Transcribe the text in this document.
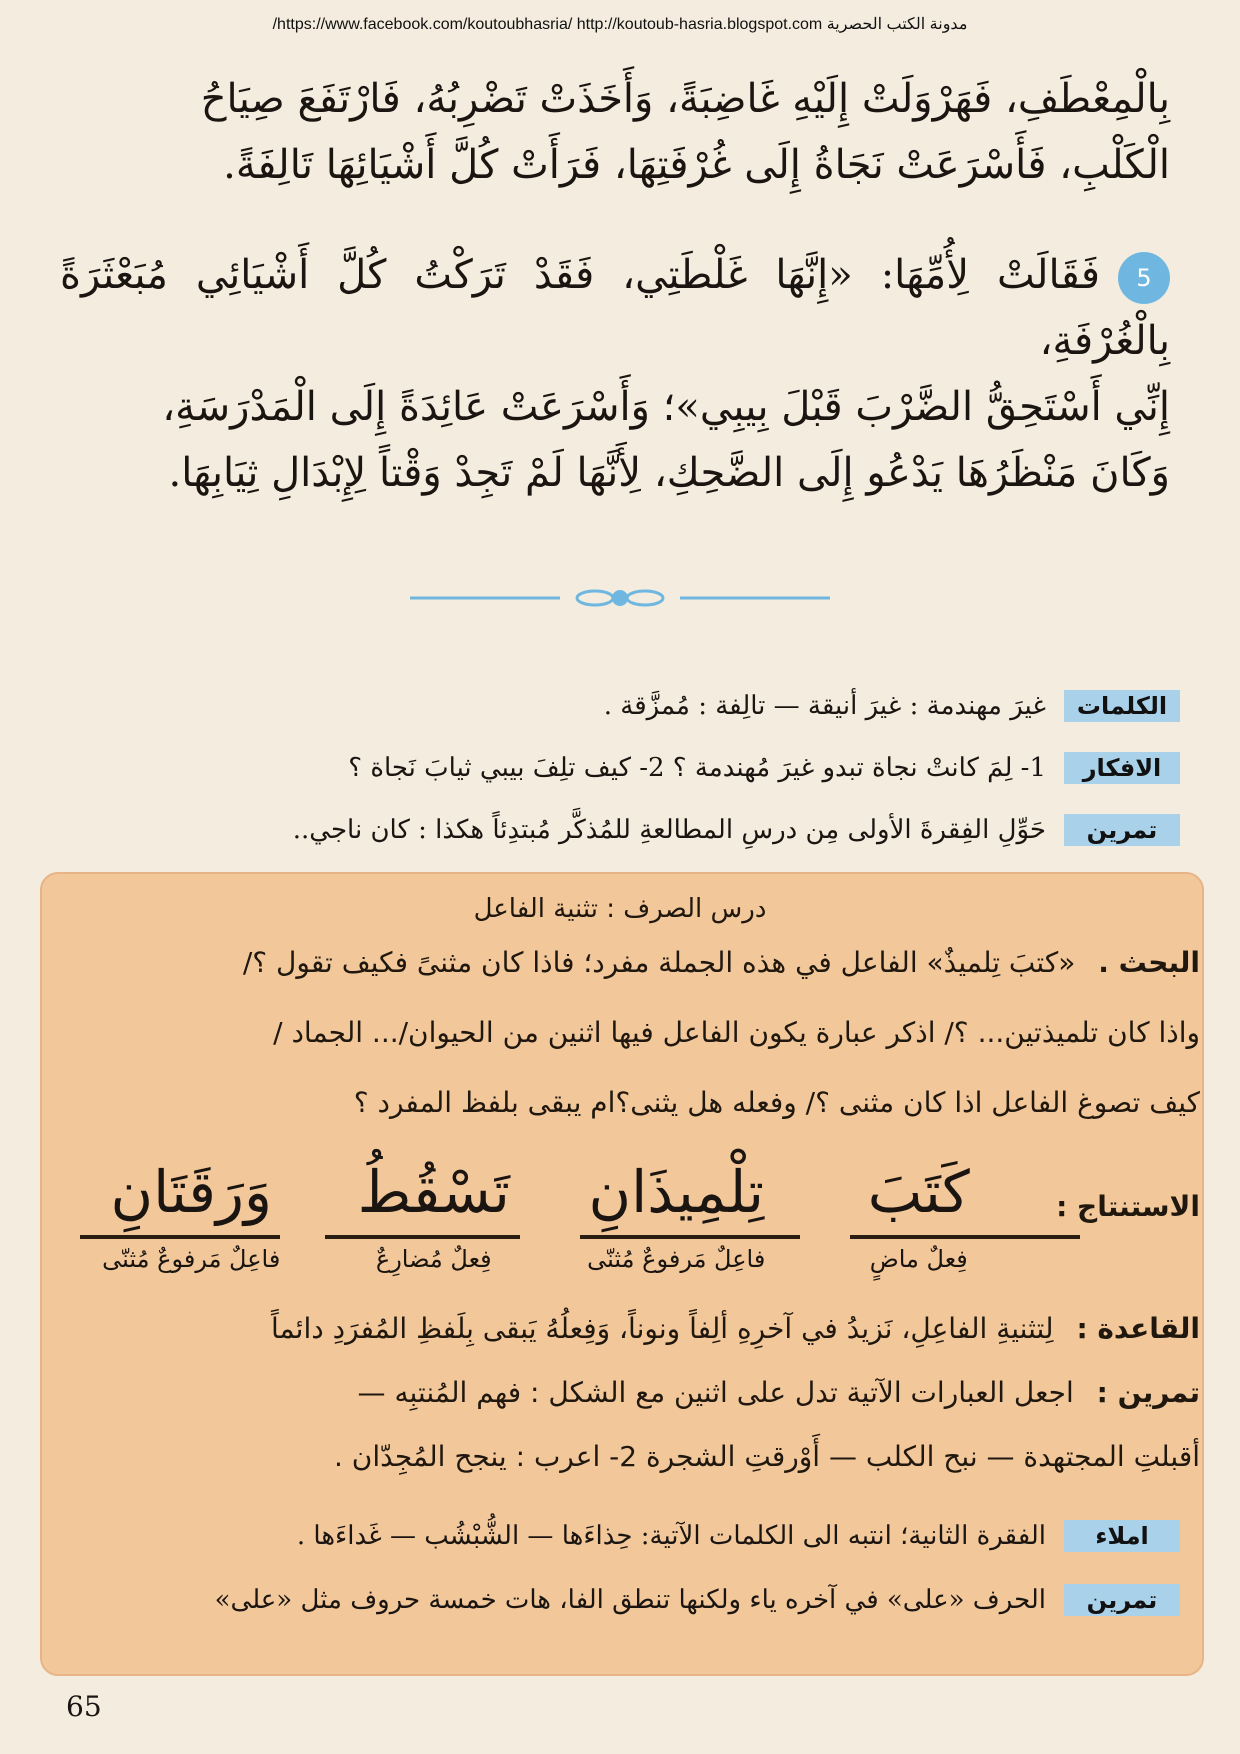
/https://www.facebook.com/koutoubhasria/ http://koutoub-hasria.blogspot.com مدونة الكتب الحصرية

بِالْمِعْطَفِ، فَهَرْوَلَتْ إِلَيْهِ غَاضِبَةً، وَأَخَذَتْ تَضْرِبُهُ، فَارْتَفَعَ صِيَاحُ

الْكَلْبِ، فَأَسْرَعَتْ نَجَاةُ إِلَى غُرْفَتِهَا، فَرَأَتْ كُلَّ أَشْيَائِهَا تَالِفَةً.

5فَقَالَتْ لِأُمِّهَا: «إِنَّهَا غَلْطَتِي، فَقَدْ تَرَكْتُ كُلَّ أَشْيَائِي مُبَعْثَرَةً بِالْغُرْفَةِ،

إِنِّي أَسْتَحِقُّ الضَّرْبَ قَبْلَ بِيبِي»؛ وَأَسْرَعَتْ عَائِدَةً إِلَى الْمَدْرَسَةِ،

وَكَانَ مَنْظَرُهَا يَدْعُو إِلَى الضَّحِكِ، لِأَنَّهَا لَمْ تَجِدْ وَقْتاً لِإِبْدَالِ ثِيَابِهَا.

الكلمات
غيرَ مهندمة : غيرَ أنيقة — تالِفة : مُمزَّقة .
الافكار
1- لِمَ كانتْ نجاة تبدو غيرَ مُهندمة ؟ 2- كيف تلِفَ بيبي ثيابَ نَجاة ؟
تمرين
حَوِّلِ الفِقرةَ الأولى مِن درسِ المطالعةِ للمُذكَّر مُبتدِئاً هكذا : كان ناجي..
درس الصرف : تثنية الفاعل
البحث . «كتبَ تِلميذٌ» الفاعل في هذه الجملة مفرد؛ فاذا كان مثنىً فكيف تقول ؟/
واذا كان تلميذتين... ؟/ اذكر عبارة يكون الفاعل فيها اثنين من الحيوان/... الجماد /
كيف تصوغ الفاعل اذا كان مثنى ؟/ وفعله هل يثنى؟ام يبقى بلفظ المفرد ؟
الاستنتاج :
كَتَبَ
تِلْمِيذَانِ
تَسْقُطُ
وَرَقَتَانِ
فِعلٌ ماضٍ
فاعِلٌ مَرفوعٌ مُثنّى
فِعلٌ مُضارِعٌ
فاعِلٌ مَرفوعٌ مُثنّى
القاعدة : لِتثنيةِ الفاعِلِ، نَزيدُ في آخرِهِ ألِفاً ونوناً، وَفِعلُهُ يَبقى بِلَفظِ المُفرَدِ دائماً
تمرين : اجعل العبارات الآتية تدل على اثنين مع الشكل : فهم المُنتبِه —
أقبلتِ المجتهدة — نبح الكلب — أَوْرقتِ الشجرة 2- اعرب : ينجح المُجِدّان .
املاء
الفقرة الثانية؛ انتبه الى الكلمات الآتية: حِذاءَها — الشُّبْشُب — غَداءَها .
تمرين
الحرف «على» في آخره ياء ولكنها تنطق الفا، هات خمسة حروف مثل «على»
65
